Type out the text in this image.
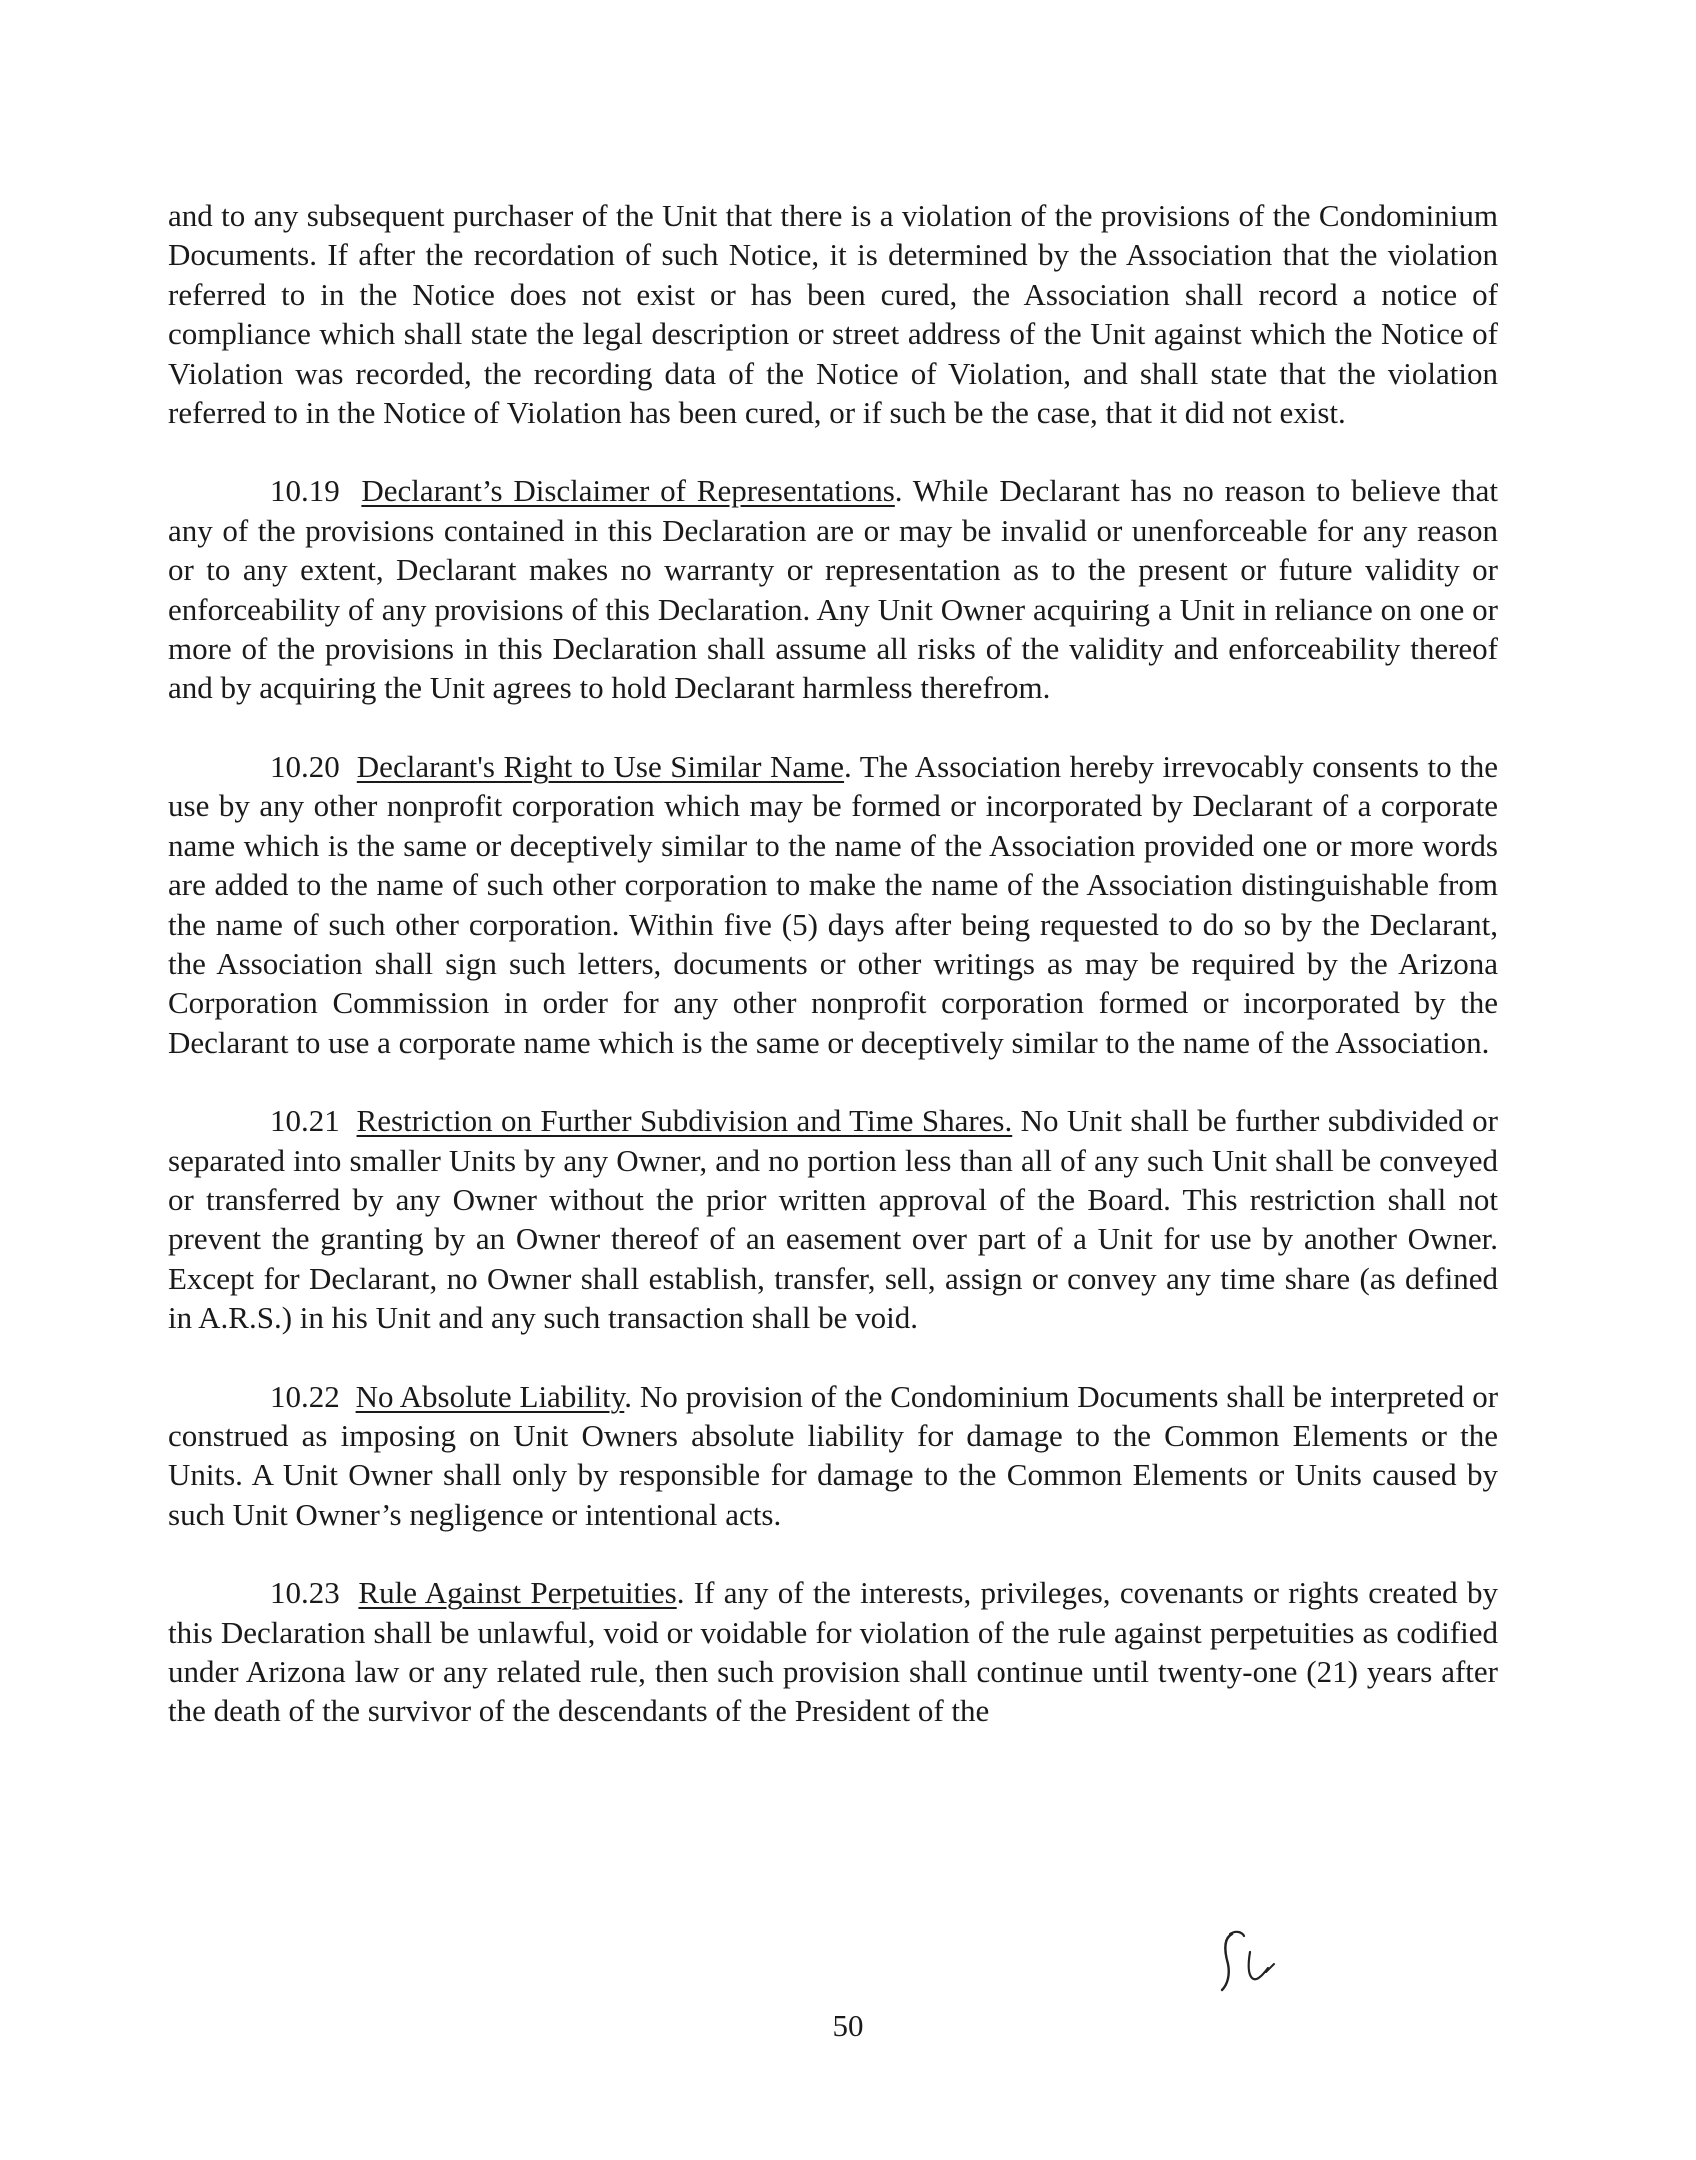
and to any subsequent purchaser of the Unit that there is a violation of the provisions of the Condominium Documents. If after the recordation of such Notice, it is determined by the Association that the violation referred to in the Notice does not exist or has been cured, the Association shall record a notice of compliance which shall state the legal description or street address of the Unit against which the Notice of Violation was recorded, the recording data of the Notice of Violation, and shall state that the violation referred to in the Notice of Violation has been cured, or if such be the case, that it did not exist.

10.19 Declarant’s Disclaimer of Representations. While Declarant has no reason to believe that any of the provisions contained in this Declaration are or may be invalid or unenforceable for any reason or to any extent, Declarant makes no warranty or representation as to the present or future validity or enforceability of any provisions of this Declaration. Any Unit Owner acquiring a Unit in reliance on one or more of the provisions in this Declaration shall assume all risks of the validity and enforceability thereof and by acquiring the Unit agrees to hold Declarant harmless therefrom.

10.20 Declarant's Right to Use Similar Name. The Association hereby irrevocably consents to the use by any other nonprofit corporation which may be formed or incorporated by Declarant of a corporate name which is the same or deceptively similar to the name of the Association provided one or more words are added to the name of such other corporation to make the name of the Association distinguishable from the name of such other corporation. Within five (5) days after being requested to do so by the Declarant, the Association shall sign such letters, documents or other writings as may be required by the Arizona Corporation Commission in order for any other nonprofit corporation formed or incorporated by the Declarant to use a corporate name which is the same or deceptively similar to the name of the Association.

10.21 Restriction on Further Subdivision and Time Shares. No Unit shall be further subdivided or separated into smaller Units by any Owner, and no portion less than all of any such Unit shall be conveyed or transferred by any Owner without the prior written approval of the Board. This restriction shall not prevent the granting by an Owner thereof of an easement over part of a Unit for use by another Owner. Except for Declarant, no Owner shall establish, transfer, sell, assign or convey any time share (as defined in A.R.S.) in his Unit and any such transaction shall be void.

10.22 No Absolute Liability. No provision of the Condominium Documents shall be interpreted or construed as imposing on Unit Owners absolute liability for damage to the Common Elements or the Units. A Unit Owner shall only by responsible for damage to the Common Elements or Units caused by such Unit Owner’s negligence or intentional acts.

10.23 Rule Against Perpetuities. If any of the interests, privileges, covenants or rights created by this Declaration shall be unlawful, void or voidable for violation of the rule against perpetuities as codified under Arizona law or any related rule, then such provision shall continue until twenty-one (21) years after the death of the survivor of the descendants of the President of the

50
